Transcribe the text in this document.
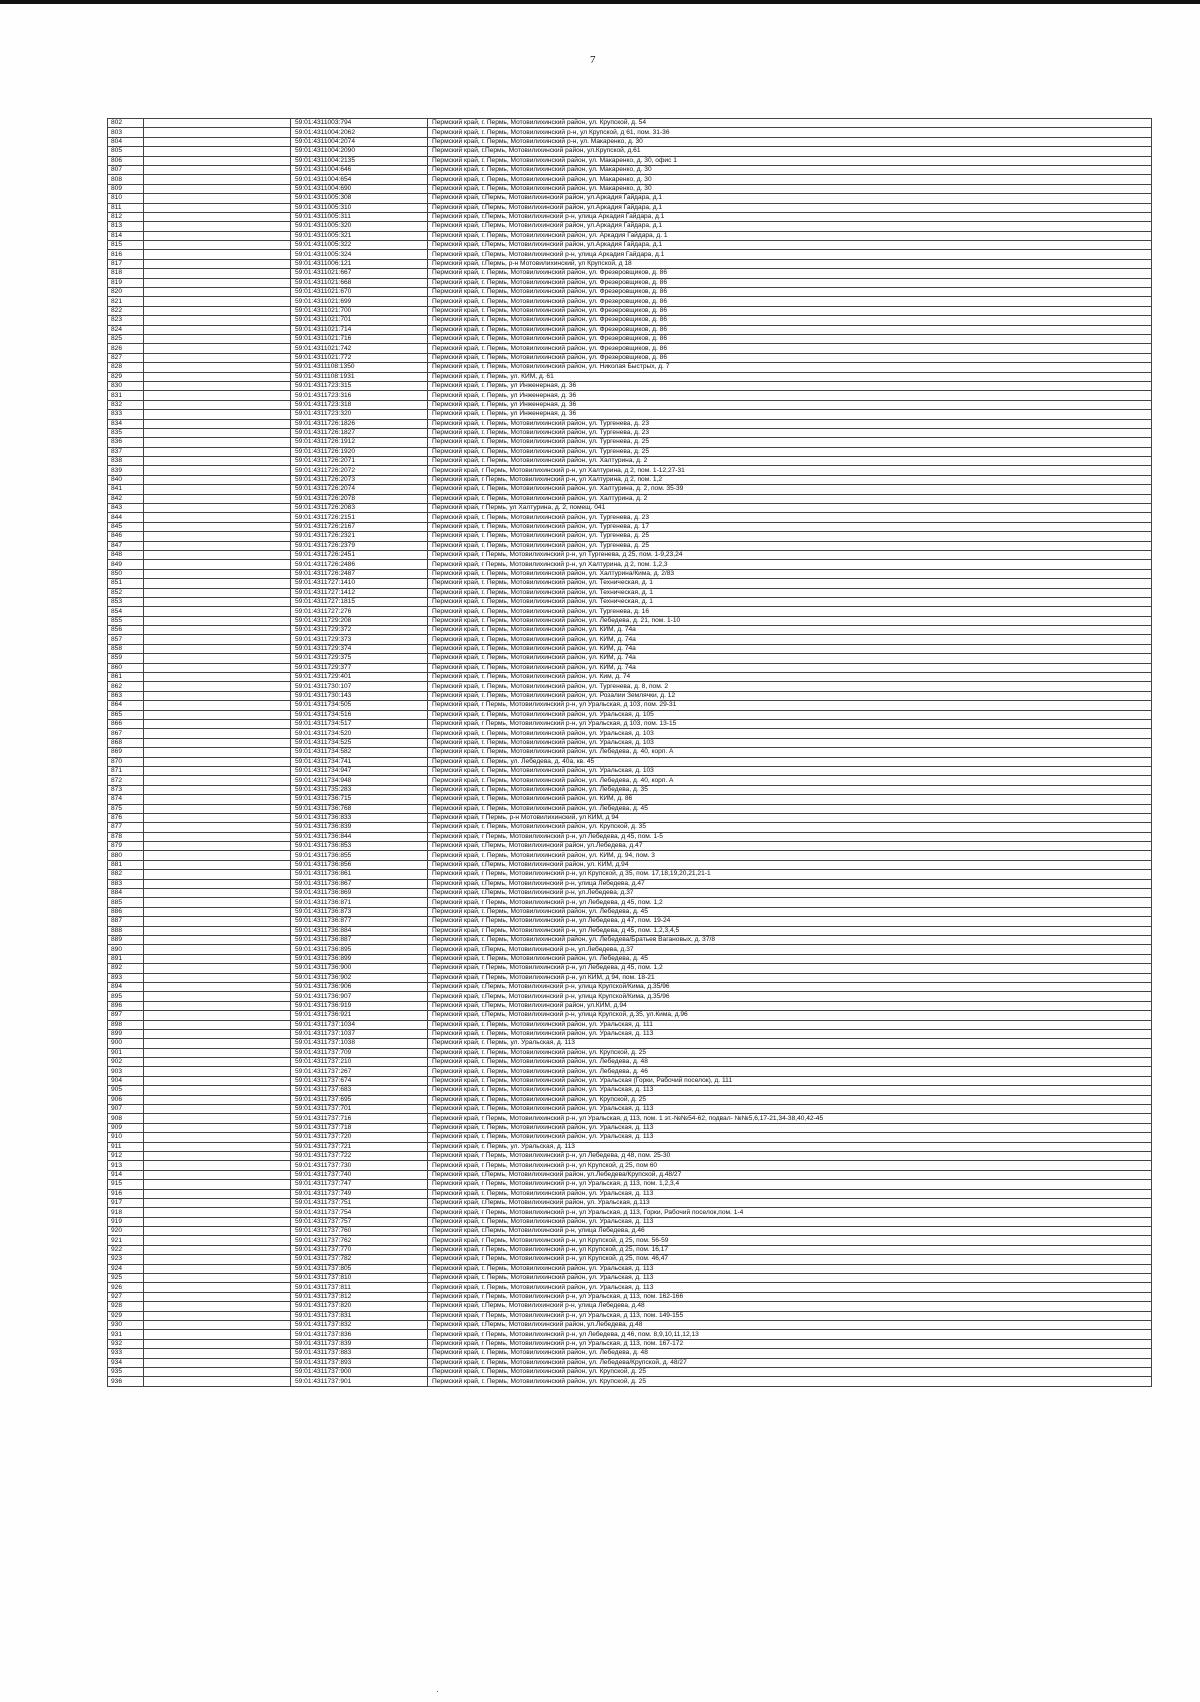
7
802		59:01:4311003:794	Пермский край, г. Пермь, Мотовилихинский район, ул. Крупской, д. 54
803		59:01:4311004:2062	Пермский край, г. Пермь, Мотовилихинский р-н, ул Крупской, д 61, пом. 31-36
804		59:01:4311004:2074	Пермский край, г. Пермь, Мотовилихинский р-н, ул. Макаренко, д. 30
805		59:01:4311004:2090	Пермский край, г.Пермь, Мотовилихинский район, ул.Крупской, д.61
806		59:01:4311004:2135	Пермский край, г. Пермь, Мотовилихинский район, ул. Макаренко, д. 30, офис 1
807		59:01:4311004:646	Пермский край, г. Пермь, Мотовилихинский район, ул. Макаренко, д. 30
808		59:01:4311004:654	Пермский край, г. Пермь, Мотовилихинский район, ул. Макаренко, д. 30
809		59:01:4311004:690	Пермский край, г. Пермь, Мотовилихинский район, ул. Макаренко, д. 30
810		59:01:4311005:308	Пермский край, г.Пермь, Мотовилихинский район, ул.Аркадия Гайдара, д.1
811		59:01:4311005:310	Пермский край, г.Пермь, Мотовилихинский район, ул.Аркадия Гайдара, д.1
812		59:01:4311005:311	Пермский край, г.Пермь, Мотовилихинский р-н, улица Аркадия Гайдара, д.1
813		59:01:4311005:320	Пермский край, г.Пермь, Мотовилихинский район, ул.Аркадия Гайдара, д.1
814		59:01:4311005:321	Пермский край, г. Пермь, Мотовилихинский район, ул. Аркадия Гайдара, д. 1
815		59:01:4311005:322	Пермский край, г.Пермь, Мотовилихинский район, ул.Аркадия Гайдара, д.1
816		59:01:4311005:324	Пермский край, г.Пермь, Мотовилихинский р-н, улица Аркадия Гайдара, д.1
817		59:01:4311006:121	Пермский край, г.Пермь, р-н Мотовилихинский, ул Крупской, д 18
818		59:01:4311021:667	Пермский край, г. Пермь, Мотовилихинский район, ул. Фрезеровщиков, д. 86
819		59:01:4311021:668	Пермский край, г. Пермь, Мотовилихинский район, ул. Фрезеровщиков, д. 86
820		59:01:4311021:670	Пермский край, г. Пермь, Мотовилихинский район, ул. Фрезеровщиков, д. 86
821		59:01:4311021:699	Пермский край, г. Пермь, Мотовилихинский район, ул. Фрезеровщиков, д. 86
822		59:01:4311021:700	Пермский край, г. Пермь, Мотовилихинский район, ул. Фрезеровщиков, д. 86
823		59:01:4311021:701	Пермский край, г. Пермь, Мотовилихинский район, ул. Фрезеровщиков, д. 86
824		59:01:4311021:714	Пермский край, г. Пермь, Мотовилихинский район, ул. Фрезеровщиков, д. 86
825		59:01:4311021:716	Пермский край, г. Пермь, Мотовилихинский район, ул. Фрезеровщиков, д. 86
826		59:01:4311021:742	Пермский край, г. Пермь, Мотовилихинский район, ул. Фрезеровщиков, д. 86
827		59:01:4311021:772	Пермский край, г. Пермь, Мотовилихинский район, ул. Фрезеровщиков, д. 86
828		59:01:4311108:1350	Пермский край, г. Пермь, Мотовилихинский район, ул. Николая Быстрых, д. 7
829		59:01:4311108:1931	Пермский край, г. Пермь, ул. КИМ, д. 61
830		59:01:4311723:315	Пермский край, г. Пермь, ул Инженерная, д. 36
831		59:01:4311723:316	Пермский край, г. Пермь, ул Инженерная, д. 36
832		59:01:4311723:318	Пермский край, г. Пермь, ул Инженерная, д. 36
833		59:01:4311723:320	Пермский край, г. Пермь, ул Инженерная, д. 36
834		59:01:4311726:1826	Пермский край, г. Пермь, Мотовилихинский район, ул. Тургенева, д. 23
835		59:01:4311726:1827	Пермский край, г. Пермь, Мотовилихинский район, ул. Тургенева, д. 23
836		59:01:4311726:1912	Пермский край, г. Пермь, Мотовилихинский район, ул. Тургенева, д. 25
837		59:01:4311726:1920	Пермский край, г. Пермь, Мотовилихинский район, ул. Тургенева, д. 25
838		59:01:4311726:2071	Пермский край, г. Пермь, Мотовилихинский район, ул. Халтурина, д. 2
839		59:01:4311726:2072	Пермский край, г Пермь, Мотовилихинский р-н, ул Халтурина, д 2, пом. 1-12,27-31
840		59:01:4311726:2073	Пермский край, г Пермь, Мотовилихинский р-н, ул Халтурина, д 2, пом. 1,2
841		59:01:4311726:2074	Пермский край, г. Пермь, Мотовилихинский район, ул. Халтурина, д. 2, пом. 35-39
842		59:01:4311726:2078	Пермский край, г. Пермь, Мотовилихинский район, ул. Халтурина, д. 2
843		59:01:4311726:2083	Пермский край, г Пермь, ул Халтурина, д. 2, помещ. 041
844		59:01:4311726:2151	Пермский край, г. Пермь, Мотовилихинский район, ул. Тургенева, д. 23
845		59:01:4311726:2167	Пермский край, г. Пермь, Мотовилихинский район, ул. Тургенева, д. 17
846		59:01:4311726:2321	Пермский край, г. Пермь, Мотовилихинский район, ул. Тургенева, д. 25
847		59:01:4311726:2379	Пермский край, г. Пермь, Мотовилихинский район, ул. Тургенева, д. 25
848		59:01:4311726:2451	Пермский край, г Пермь, Мотовилихинский р-н, ул Тургенева, д 25, пом. 1-9,23,24
849		59:01:4311726:2486	Пермский край, г Пермь, Мотовилихинский р-н, ул Халтурина, д 2, пом. 1,2,3
850		59:01:4311726:2487	Пермский край, г. Пермь, Мотовилихинский район, ул. Халтурина/Кима, д. 2/83
851		59:01:4311727:1410	Пермский край, г. Пермь, Мотовилихинский район, ул. Техническая, д. 1
852		59:01:4311727:1412	Пермский край, г. Пермь, Мотовилихинский район, ул. Техническая, д. 1
853		59:01:4311727:1815	Пермский край, г. Пермь, Мотовилихинский район, ул. Техническая, д. 1
854		59:01:4311727:276	Пермский край, г. Пермь, Мотовилихинский район, ул. Тургенева, д. 16
855		59:01:4311729:208	Пермский край, г. Пермь, Мотовилихинский район, ул. Лебедева, д. 21, пом. 1-10
856		59:01:4311729:372	Пермский край, г. Пермь, Мотовилихинский район, ул. КИМ, д. 74а
857		59:01:4311729:373	Пермский край, г. Пермь, Мотовилихинский район, ул. КИМ, д. 74а
858		59:01:4311729:374	Пермский край, г. Пермь, Мотовилихинский район, ул. КИМ, д. 74а
859		59:01:4311729:375	Пермский край, г. Пермь, Мотовилихинский район, ул. КИМ, д. 74а
860		59:01:4311729:377	Пермский край, г. Пермь, Мотовилихинский район, ул. КИМ, д. 74а
861		59:01:4311729:401	Пермский край, г. Пермь, Мотовилихинский район, ул. Ким, д. 74
862		59:01:4311730:107	Пермский край, г. Пермь, Мотовилихинский район, ул. Тургенева, д. 8, пом. 2
863		59:01:4311730:143	Пермский край, г. Пермь, Мотовилихинский район, ул. Розалии Землячки, д. 12
864		59:01:4311734:505	Пермский край, г Пермь, Мотовилихинский р-н, ул Уральская, д 103, пом. 29-31
865		59:01:4311734:516	Пермский край, г. Пермь, Мотовилихинский район, ул. Уральская, д. 105
866		59:01:4311734:517	Пермский край, г Пермь, Мотовилихинский р-н, ул Уральская, д 103, пом. 13-15
867		59:01:4311734:520	Пермский край, г. Пермь, Мотовилихинский район, ул. Уральская, д. 103
868		59:01:4311734:525	Пермский край, г. Пермь, Мотовилихинский район, ул. Уральская, д. 103
869		59:01:4311734:582	Пермский край, г. Пермь, Мотовилихинский район, ул. Лебедева, д. 40, корп. А
870		59:01:4311734:741	Пермский край, г. Пермь, ул. Лебедева, д. 40а, кв. 45
871		59:01:4311734:947	Пермский край, г. Пермь, Мотовилихинский район, ул. Уральская, д. 103
872		59:01:4311734:948	Пермский край, г. Пермь, Мотовилихинский район, ул. Лебедева, д. 40, корп. А
873		59:01:4311735:283	Пермский край, г. Пермь, Мотовилихинский район, ул. Лебедева, д. 35
874		59:01:4311736:715	Пермский край, г. Пермь, Мотовилихинский район, ул. КИМ, д. 86
875		59:01:4311736:768	Пермский край, г. Пермь, Мотовилихинский район, ул. Лебедева, д. 45
876		59:01:4311736:833	Пермский край, г Пермь, р-н Мотовилихинский, ул КИМ, д 94
877		59:01:4311736:839	Пермский край, г. Пермь, Мотовилихинский район, ул. Крупской, д. 35
878		59:01:4311736:844	Пермский край, г Пермь, Мотовилихинский р-н, ул Лебедева, д 45, пом. 1-5
879		59:01:4311736:853	Пермский край, г.Пермь, Мотовилихинский район, ул.Лебедева, д.47
880		59:01:4311736:855	Пермский край, г. Пермь, Мотовилихинский район, ул. КИМ, д. 94, пом. 3
881		59:01:4311736:856	Пермский край, г.Пермь, Мотовилихинский район, ул. КИМ, д.94
882		59:01:4311736:861	Пермский край, г Пермь, Мотовилихинский р-н, ул Крупской, д 35, пом. 17,18,19,20,21,21-1
883		59:01:4311736:867	Пермский край, г.Пермь, Мотовилихинский р-н, улица Лебедева, д.47
884		59:01:4311736:869	Пермский край, г.Пермь, Мотовилихинский р-н, ул.Лебедева, д.37
885		59:01:4311736:871	Пермский край, г Пермь, Мотовилихинский р-н, ул Лебедева, д 45, пом. 1,2
886		59:01:4311736:873	Пермский край, г. Пермь, Мотовилихинский район, ул. Лебедева, д. 45
887		59:01:4311736:877	Пермский край, г Пермь, Мотовилихинский р-н, ул Лебедева, д 47, пом. 19-24
888		59:01:4311736:884	Пермский край, г Пермь, Мотовилихинский р-н, ул Лебедева, д 45, пом. 1,2,3,4,5
889		59:01:4311736:887	Пермский край, г. Пермь, Мотовилихинский район, ул. Лебедева/Братьев Вагановых, д. 37/8
890		59:01:4311736:895	Пермский край, г.Пермь, Мотовилихинский р-н, ул.Лебедева, д.37
891		59:01:4311736:899	Пермский край, г. Пермь, Мотовилихинский район, ул. Лебедева, д. 45
892		59:01:4311736:900	Пермский край, г Пермь, Мотовилихинский р-н, ул Лебедева, д 45, пом. 1,2
893		59:01:4311736:902	Пермский край, г Пермь, Мотовилихинский р-н, ул КИМ, д 94, пом. 18-21
894		59:01:4311736:906	Пермский край, г.Пермь, Мотовилихинский р-н, улица Крупской/Кима, д.35/96
895		59:01:4311736:907	Пермский край, г.Пермь, Мотовилихинский р-н, улица Крупской/Кима, д.35/96
896		59:01:4311736:919	Пермский край, г.Пермь, Мотовилихинский район, ул.КИМ, д.94
897		59:01:4311736:921	Пермский край, г.Пермь, Мотовилихинский р-н, улица Крупской, д.35, ул.Кима, д.96
898		59:01:4311737:1034	Пермский край, г. Пермь, Мотовилихинский район, ул. Уральская, д. 111
899		59:01:4311737:1037	Пермский край, г. Пермь, Мотовилихинский район, ул. Уральская, д. 113
900		59:01:4311737:1038	Пермский край, г. Пермь, ул. Уральская, д. 113
901		59:01:4311737:709	Пермский край, г. Пермь, Мотовилихинский район, ул. Крупской, д. 25
902		59:01:4311737:210	Пермский край, г. Пермь, Мотовилихинский район, ул. Лебедева, д. 48
903		59:01:4311737:267	Пермский край, г. Пермь, Мотовилихинский район, ул. Лебедева, д. 46
904		59:01:4311737:674	Пермский край, г. Пермь, Мотовилихинский район, ул. Уральская (Горки, Рабочий поселок), д. 111
905		59:01:4311737:683	Пермский край, г. Пермь, Мотовилихинский район, ул. Уральская, д. 113
906		59:01:4311737:695	Пермский край, г. Пермь, Мотовилихинский район, ул. Крупской, д. 25
907		59:01:4311737:701	Пермский край, г. Пермь, Мотовилихинский район, ул. Уральская, д. 113
908		59:01:4311737:716	Пермский край, г Пермь, Мотовилихинский р-н, ул Уральская, д 113, пом. 1 эт.-№№54-62, подвал- №№5,6,17-21,34-38,40,42-45
909		59:01:4311737:718	Пермский край, г. Пермь, Мотовилихинский район, ул. Уральская, д. 113
910		59:01:4311737:720	Пермский край, г. Пермь, Мотовилихинский район, ул. Уральская, д. 113
911		59:01:4311737:721	Пермский край, г. Пермь, ул. Уральская, д. 113
912		59:01:4311737:722	Пермский край, г Пермь, Мотовилихинский р-н, ул Лебедева, д 48, пом. 25-30
913		59:01:4311737:730	Пермский край, г Пермь, Мотовилихинский р-н, ул Крупской, д 25, пом 60
914		59:01:4311737:740	Пермский край, г.Пермь, Мотовилихинский район, ул.Лебедева/Крупской, д.48/27
915		59:01:4311737:747	Пермский край, г Пермь, Мотовилихинский р-н, ул Уральская, д 113, пом. 1,2,3,4
916		59:01:4311737:749	Пермский край, г. Пермь, Мотовилихинский район, ул. Уральская, д. 113
917		59:01:4311737:751	Пермский край, г.Пермь, Мотовилихинский район, ул. Уральская, д.113
918		59:01:4311737:754	Пермский край, г Пермь, Мотовилихинский р-н, ул Уральская, д 113, Горки, Рабочий поселок,пом. 1-4
919		59:01:4311737:757	Пермский край, г. Пермь, Мотовилихинский район, ул. Уральская, д. 113
920		59:01:4311737:760	Пермский край, г.Пермь, Мотовилихинский р-н, улица Лебедева, д.46
921		59:01:4311737:762	Пермский край, г Пермь, Мотовилихинский р-н, ул Крупской, д 25, пом. 56-59
922		59:01:4311737:770	Пермский край, г Пермь, Мотовилихинский р-н, ул Крупской, д 25, пом. 16,17
923		59:01:4311737:782	Пермский край, г Пермь, Мотовилихинский р-н, ул Крупской, д 25, пом. 46,47
924		59:01:4311737:805	Пермский край, г. Пермь, Мотовилихинский район, ул. Уральская, д. 113
925		59:01:4311737:810	Пермский край, г. Пермь, Мотовилихинский район, ул. Уральская, д. 113
926		59:01:4311737:811	Пермский край, г. Пермь, Мотовилихинский район, ул. Уральская, д. 113
927		59:01:4311737:812	Пермский край, г Пермь, Мотовилихинский р-н, ул Уральская, д 113, пом. 162-166
928		59:01:4311737:820	Пермский край, г.Пермь, Мотовилихинский р-н, улица Лебедева, д.48
929		59:01:4311737:831	Пермский край, г Пермь, Мотовилихинский р-н, ул Уральская, д 113, пом. 149-155
930		59:01:4311737:832	Пермский край, г.Пермь, Мотовилихинский район, ул.Лебедева, д.48
931		59:01:4311737:836	Пермский край, г Пермь, Мотовилихинский р-н, ул Лебедева, д 46, пом. 8,9,10,11,12,13
932		59:01:4311737:839	Пермский край, г Пермь, Мотовилихинский р-н, ул Уральская, д 113, пом. 167-172
933		59:01:4311737:883	Пермский край, г. Пермь, Мотовилихинский район, ул. Лебедева, д. 48
934		59:01:4311737:893	Пермский край, г. Пермь, Мотовилихинский район, ул. Лебедева/Крупской, д. 48/27
935		59:01:4311737:900	Пермский край, г. Пермь, Мотовилихинский район, ул. Крупской, д. 25
936		59:01:4311737:901	Пермский край, г. Пермь, Мотовилихинский район, ул. Крупской, д. 25
·
